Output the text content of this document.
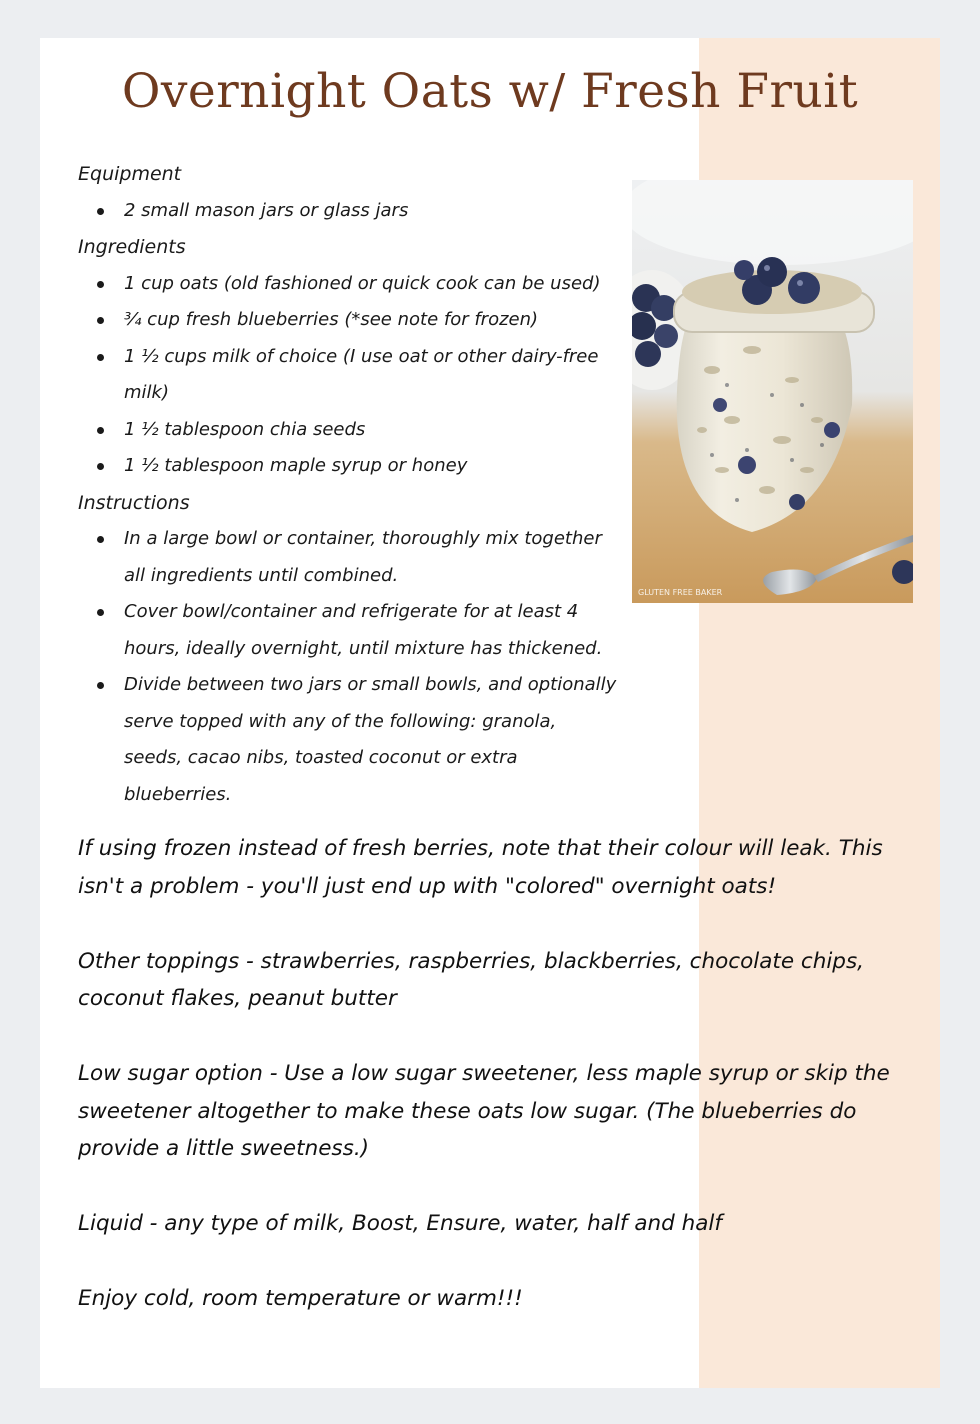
Overnight Oats w/ Fresh Fruit
Equipment
2 small mason jars or glass jars
Ingredients
1 cup oats (old fashioned or quick cook can be used)
¾ cup fresh blueberries (*see note for frozen)
1 ½ cups milk of choice (I use oat or other dairy-free milk)
1 ½ tablespoon chia seeds
1 ½ tablespoon maple syrup or honey
Instructions
In a large bowl or container, thoroughly mix together all ingredients until combined.
Cover bowl/container and refrigerate for at least 4 hours, ideally overnight, until mixture has thickened.
Divide between two jars or small bowls, and optionally serve topped with any of the following: granola, seeds, cacao nibs, toasted coconut or extra blueberries.
GLUTEN FREE BAKER

If using frozen instead of fresh berries, note that their colour will leak. This isn't a problem - you'll just end up with "colored" overnight oats!

Other toppings - strawberries, raspberries, blackberries, chocolate chips, coconut flakes, peanut butter

Low sugar option - Use a low sugar sweetener, less maple syrup or skip the sweetener altogether to make these oats low sugar. (The blueberries do provide a little sweetness.)

Liquid - any type of milk, Boost, Ensure, water, half and half

Enjoy cold, room temperature or warm!!!
